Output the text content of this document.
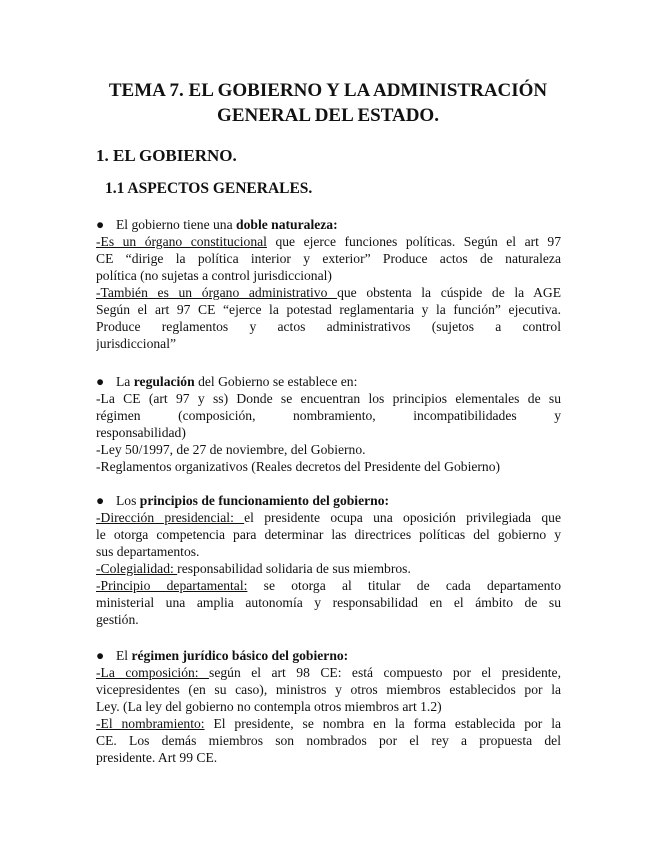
TEMA 7. EL GOBIERNO Y LA ADMINISTRACIÓN
GENERAL DEL ESTADO.
1. EL GOBIERNO.
1.1 ASPECTOS GENERALES.
● El gobierno tiene una doble naturaleza:
-Es un órgano constitucional que ejerce funciones políticas. Según el art 97
CE “dirige la política interior y exterior” Produce actos de naturaleza
política (no sujetas a control jurisdiccional)
-También es un órgano administrativo que obstenta la cúspide de la AGE
Según el art 97 CE “ejerce la potestad reglamentaria y la función” ejecutiva.
Produce reglamentos y actos administrativos (sujetos a control
jurisdiccional”
● La regulación del Gobierno se establece en:
-La CE (art 97 y ss) Donde se encuentran los principios elementales de su
régimen (composición, nombramiento, incompatibilidades y
responsabilidad)
-Ley 50/1997, de 27 de noviembre, del Gobierno.
-Reglamentos organizativos (Reales decretos del Presidente del Gobierno)
● Los principios de funcionamiento del gobierno:
-Dirección presidencial: el presidente ocupa una oposición privilegiada que
le otorga competencia para determinar las directrices políticas del gobierno y
sus departamentos.
-Colegialidad: responsabilidad solidaria de sus miembros.
-Principio departamental: se otorga al titular de cada departamento
ministerial una amplia autonomía y responsabilidad en el ámbito de su
gestión.
● El régimen jurídico básico del gobierno:
-La composición: según el art 98 CE: está compuesto por el presidente,
vicepresidentes (en su caso), ministros y otros miembros establecidos por la
Ley. (La ley del gobierno no contempla otros miembros art 1.2)
-El nombramiento: El presidente, se nombra en la forma establecida por la
CE. Los demás miembros son nombrados por el rey a propuesta del
presidente. Art 99 CE.
